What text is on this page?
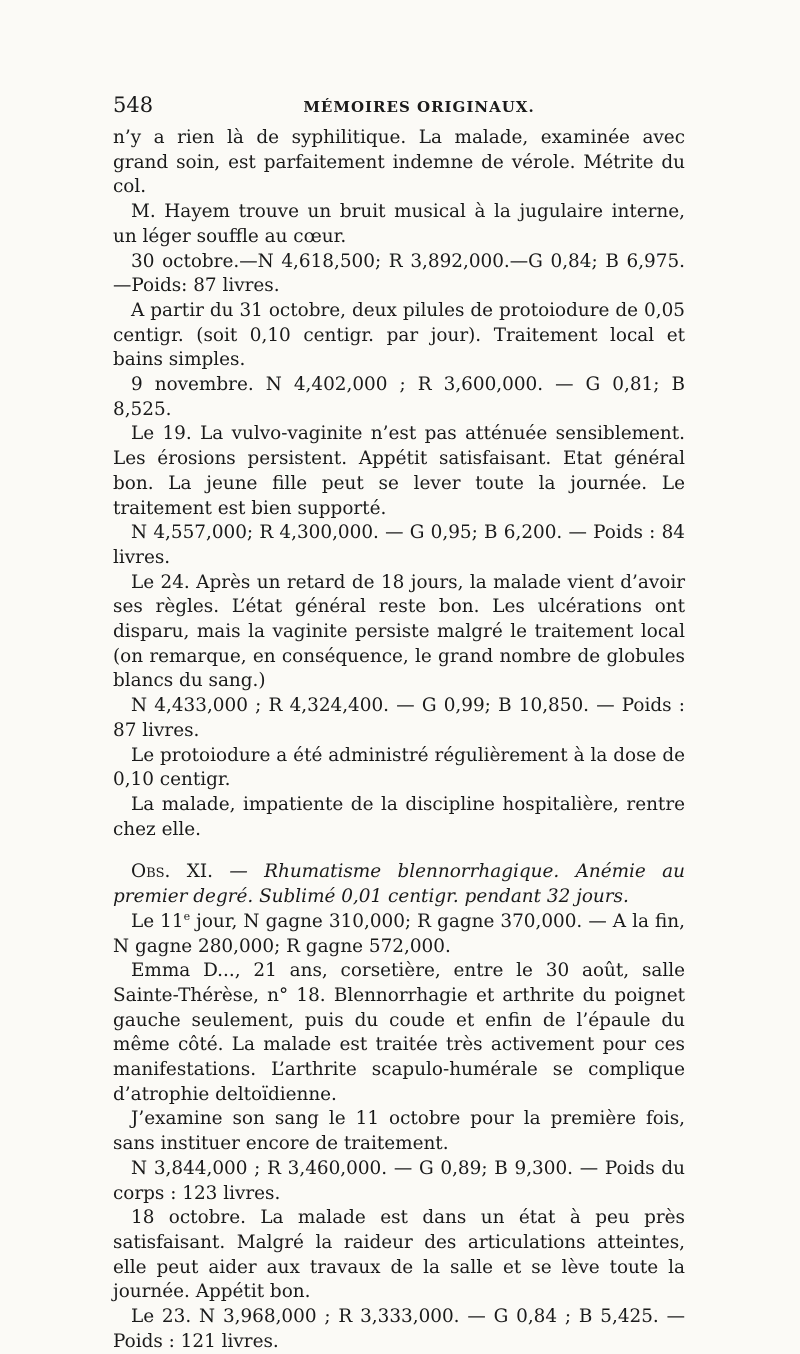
548	MÉMOIRES ORIGINAUX.

n’y a rien là de syphilitique. La malade, examinée avec grand soin, est parfaitement indemne de vérole. Métrite du col.

M. Hayem trouve un bruit musical à la jugulaire interne, un léger souffle au cœur.

30 octobre.—N 4,618,500; R 3,892,000.—G 0,84; B 6,975.—Poids: 87 livres.

A partir du 31 octobre, deux pilules de protoiodure de 0,05 centigr. (soit 0,10 centigr. par jour). Traitement local et bains simples.

9 novembre. N 4,402,000 ; R 3,600,000. — G 0,81; B 8,525.

Le 19. La vulvo-vaginite n’est pas atténuée sensiblement. Les érosions persistent. Appétit satisfaisant. Etat général bon. La jeune fille peut se lever toute la journée. Le traitement est bien supporté.

N 4,557,000; R 4,300,000. — G 0,95; B 6,200. — Poids : 84 livres.

Le 24. Après un retard de 18 jours, la malade vient d’avoir ses règles. L’état général reste bon. Les ulcérations ont disparu, mais la vaginite persiste malgré le traitement local (on remarque, en conséquence, le grand nombre de globules blancs du sang.)

N 4,433,000 ; R 4,324,400. — G 0,99; B 10,850. — Poids : 87 livres.

Le protoiodure a été administré régulièrement à la dose de 0,10 centigr.

La malade, impatiente de la discipline hospitalière, rentre chez elle.

Obs. XI. — Rhumatisme blennorrhagique. Anémie au premier degré. Sublimé 0,01 centigr. pendant 32 jours.

Le 11e jour, N gagne 310,000; R gagne 370,000. — A la fin, N gagne 280,000; R gagne 572,000.

Emma D..., 21 ans, corsetière, entre le 30 août, salle Sainte-Thérèse, n° 18. Blennorrhagie et arthrite du poignet gauche seulement, puis du coude et enfin de l’épaule du même côté. La malade est traitée très activement pour ces manifestations. L’arthrite scapulo-humérale se complique d’atrophie deltoïdienne.

J’examine son sang le 11 octobre pour la première fois, sans instituer encore de traitement.

N 3,844,000 ; R 3,460,000. — G 0,89; B 9,300. — Poids du corps : 123 livres.

18 octobre. La malade est dans un état à peu près satisfaisant. Malgré la raideur des articulations atteintes, elle peut aider aux travaux de la salle et se lève toute la journée. Appétit bon.

Le 23. N 3,968,000 ; R 3,333,000. — G 0,84 ; B 5,425. — Poids : 121 livres.
